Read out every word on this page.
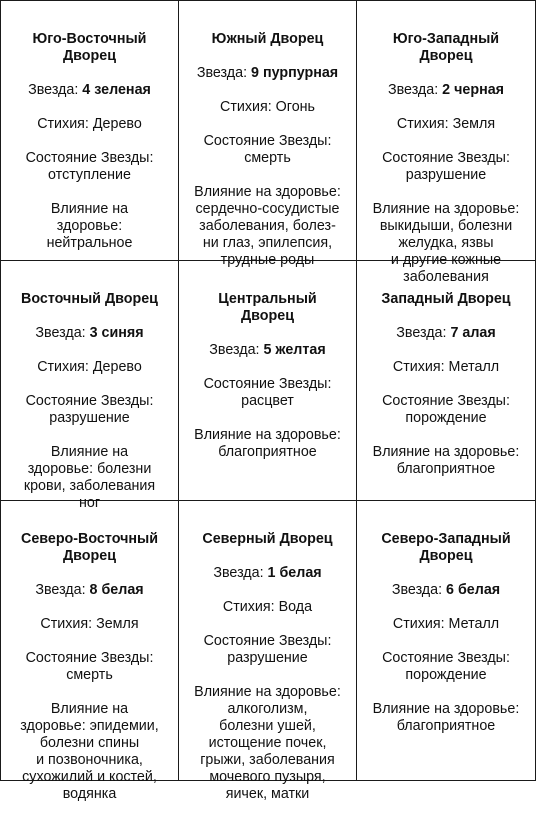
Юго-Восточный
Дворец

Звезда: 4 зеленая

Стихия: Дерево

Состояние Звезды:
отступление

Влияние на
здоровье:
нейтральное

Южный Дворец

Звезда: 9 пурпурная

Стихия: Огонь

Состояние Звезды:
смерть

Влияние на здоровье:
сердечно-сосудистые
заболевания, болез-
ни глаз, эпилепсия,
трудные роды

Юго-Западный
Дворец

Звезда: 2 черная

Стихия: Земля

Состояние Звезды:
разрушение

Влияние на здоровье:
выкидыши, болезни
желудка, язвы
и другие кожные
заболевания

Восточный Дворец

Звезда: 3 синяя

Стихия: Дерево

Состояние Звезды:
разрушение

Влияние на
здоровье: болезни
крови, заболевания
ног

Центральный
Дворец

Звезда: 5 желтая

Состояние Звезды:
расцвет

Влияние на здоровье:
благоприятное

Западный Дворец

Звезда: 7 алая

Стихия: Металл

Состояние Звезды:
порождение

Влияние на здоровье:
благоприятное

Северо-Восточный
Дворец

Звезда: 8 белая

Стихия: Земля

Состояние Звезды:
смерть

Влияние на
здоровье: эпидемии,
болезни спины
и позвоночника,
сухожилий и костей,
водянка

Северный Дворец

Звезда: 1 белая

Стихия: Вода

Состояние Звезды:
разрушение

Влияние на здоровье:
алкоголизм,
болезни ушей,
истощение почек,
грыжи, заболевания
мочевого пузыря,
яичек, матки

Северо-Западный
Дворец

Звезда: 6 белая

Стихия: Металл

Состояние Звезды:
порождение

Влияние на здоровье:
благоприятное
